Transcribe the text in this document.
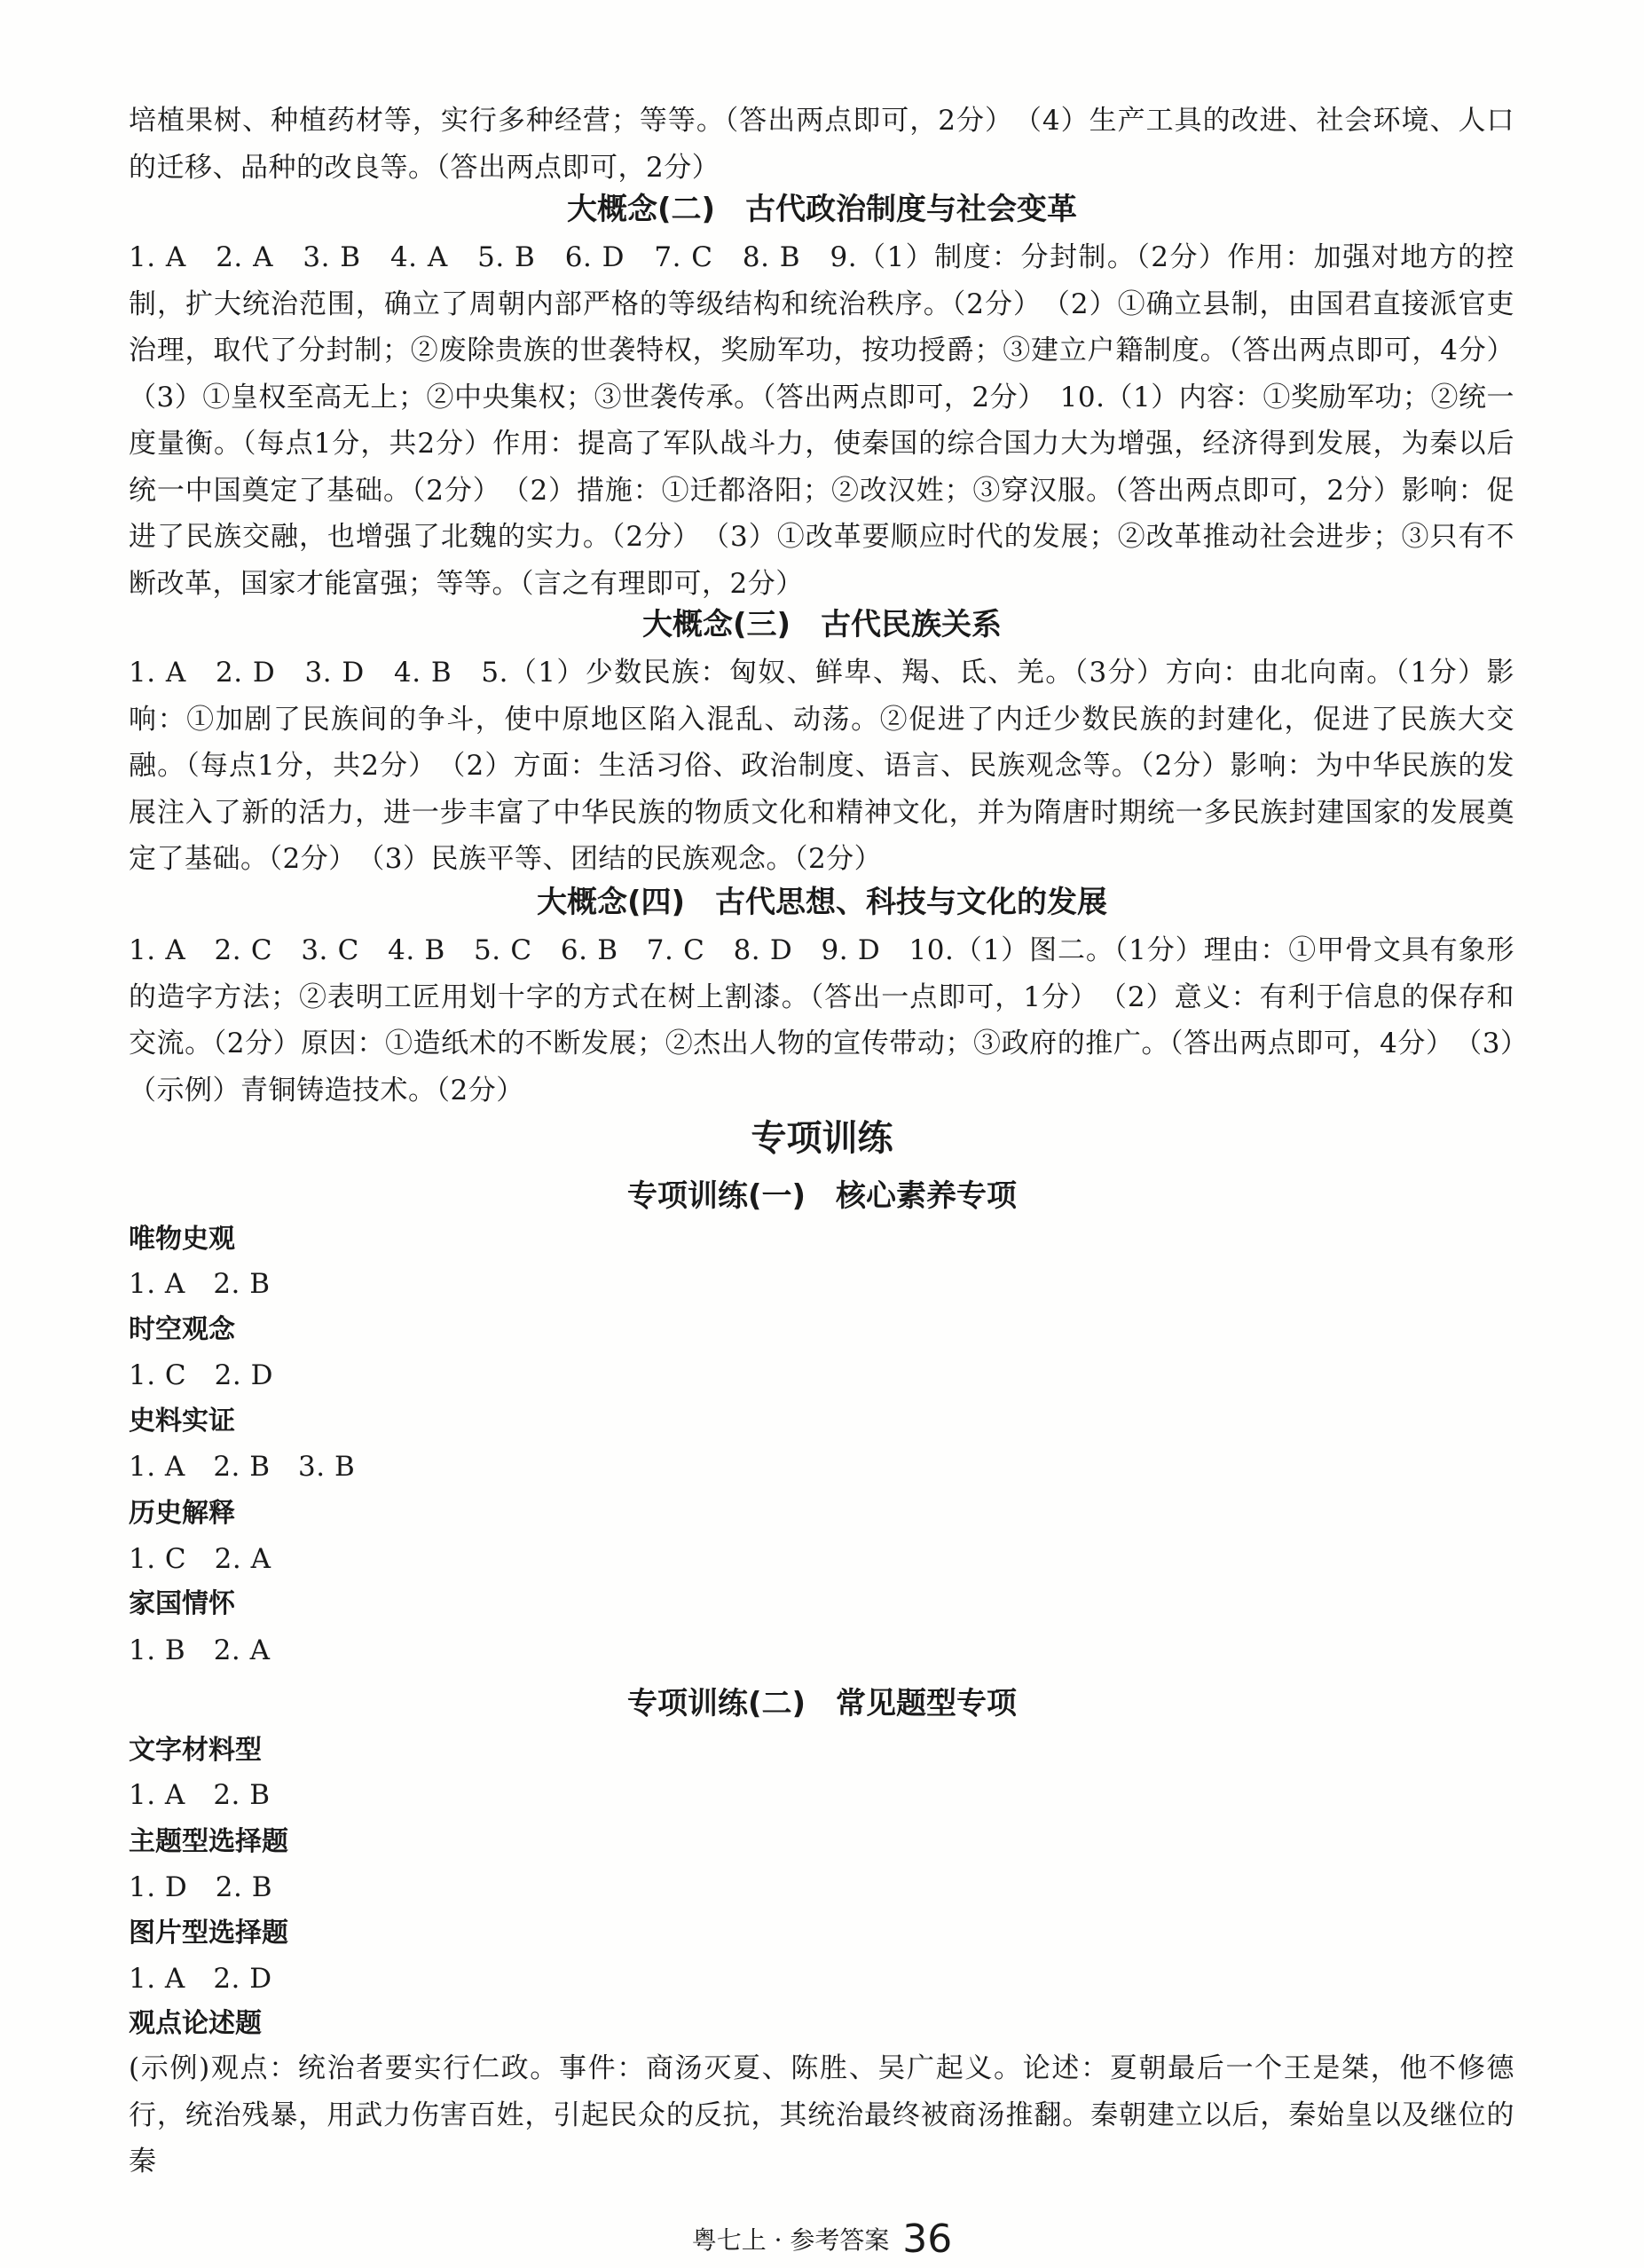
培植果树、种植药材等，实行多种经营；等等。（答出两点即可，2分）　（4）生产工具的改进、社会环境、人口的迁移、品种的改良等。（答出两点即可，2分）

大概念(二)　古代政治制度与社会变革

1. A　2. A　3. B　4. A　5. B　6. D　7. C　8. B　9.（1）制度：分封制。（2分）作用：加强对地方的控制，扩大统治范围，确立了周朝内部严格的等级结构和统治秩序。（2分）　（2）①确立县制，由国君直接派官吏治理，取代了分封制；②废除贵族的世袭特权，奖励军功，按功授爵；③建立户籍制度。（答出两点即可，4分）（3）①皇权至高无上；②中央集权；③世袭传承。（答出两点即可，2分）　10.（1）内容：①奖励军功；②统一度量衡。（每点1分，共2分）作用：提高了军队战斗力，使秦国的综合国力大为增强，经济得到发展，为秦以后统一中国奠定了基础。（2分）　（2）措施：①迁都洛阳；②改汉姓；③穿汉服。（答出两点即可，2分）影响：促进了民族交融，也增强了北魏的实力。（2分）　（3）①改革要顺应时代的发展；②改革推动社会进步；③只有不断改革，国家才能富强；等等。（言之有理即可，2分）

大概念(三)　古代民族关系

1. A　2. D　3. D　4. B　5.（1）少数民族：匈奴、鲜卑、羯、氐、羌。（3分）方向：由北向南。（1分）影响：①加剧了民族间的争斗，使中原地区陷入混乱、动荡。②促进了内迁少数民族的封建化，促进了民族大交融。（每点1分，共2分）　（2）方面：生活习俗、政治制度、语言、民族观念等。（2分）影响：为中华民族的发展注入了新的活力，进一步丰富了中华民族的物质文化和精神文化，并为隋唐时期统一多民族封建国家的发展奠定了基础。（2分）　（3）民族平等、团结的民族观念。（2分）

大概念(四)　古代思想、科技与文化的发展

1. A　2. C　3. C　4. B　5. C　6. B　7. C　8. D　9. D　10.（1）图二。（1分）理由：①甲骨文具有象形的造字方法；②表明工匠用划十字的方式在树上割漆。（答出一点即可，1分）　（2）意义：有利于信息的保存和交流。（2分）原因：①造纸术的不断发展；②杰出人物的宣传带动；③政府的推广。（答出两点即可，4分）　（3）（示例）青铜铸造技术。（2分）

专项训练
专项训练(一)　核心素养专项
唯物史观
1. A　2. B
时空观念
1. C　2. D
史料实证
1. A　2. B　3. B
历史解释
1. C　2. A
家国情怀
1. B　2. A
专项训练(二)　常见题型专项
文字材料型
1. A　2. B
主题型选择题
1. D　2. B
图片型选择题
1. A　2. D
观点论述题

(示例)观点：统治者要实行仁政。事件：商汤灭夏、陈胜、吴广起义。论述：夏朝最后一个王是桀，他不修德行，统治残暴，用武力伤害百姓，引起民众的反抗，其统治最终被商汤推翻。秦朝建立以后，秦始皇以及继位的秦

粤七上 · 参考答案 36
